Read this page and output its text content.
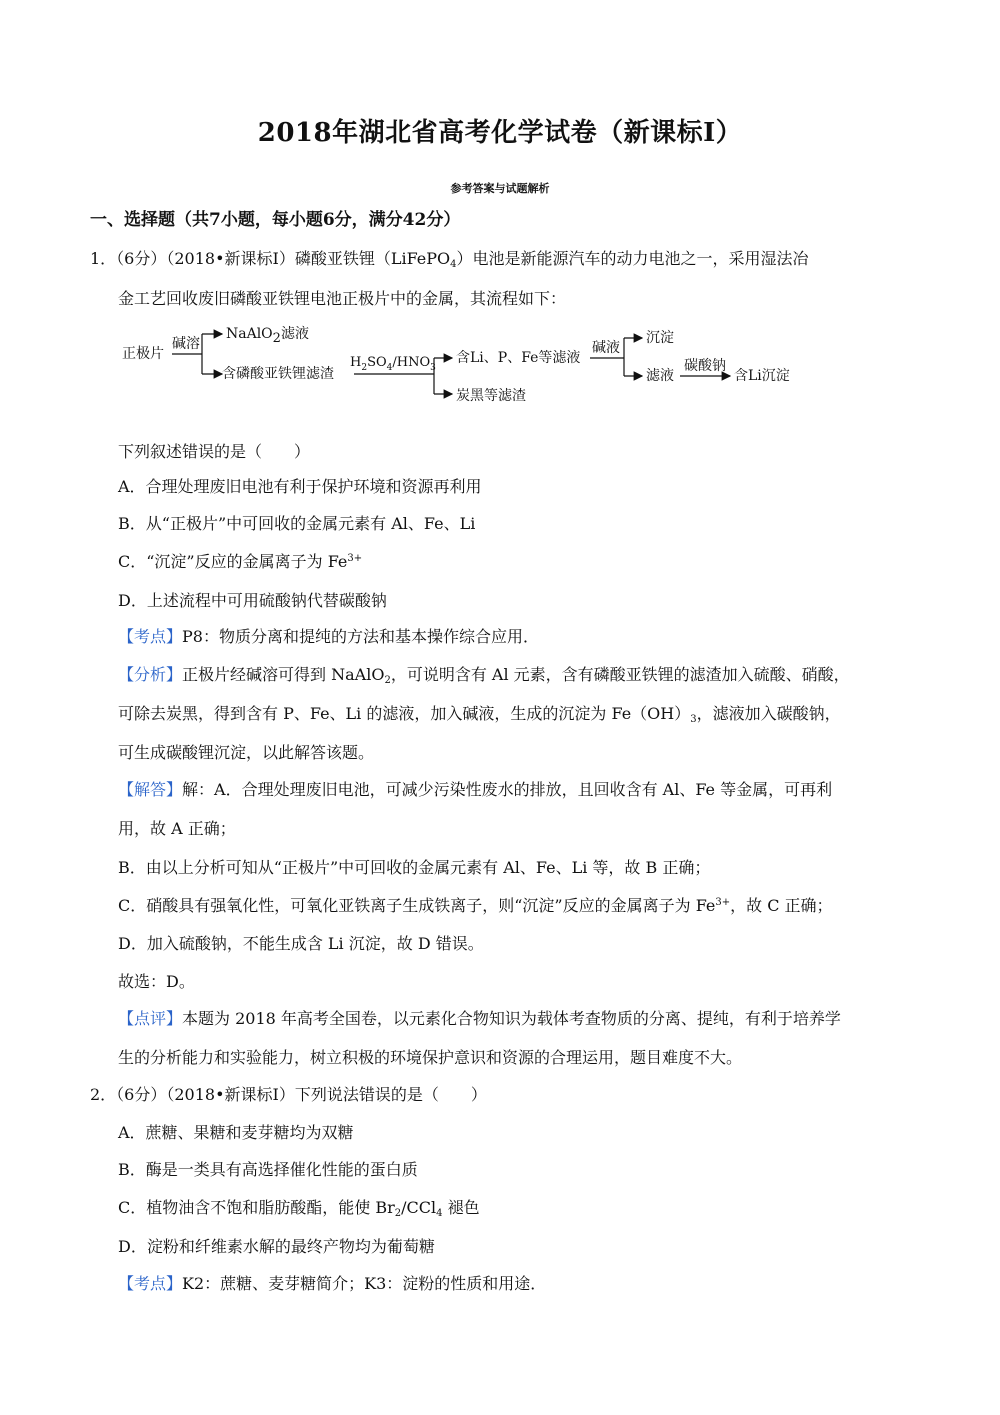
2018年湖北省高考化学试卷（新课标Ⅰ）
参考答案与试题解析
一、选择题（共7小题，每小题6分，满分42分）
1．（6分）（2018•新课标Ⅰ）磷酸亚铁锂（LiFePO$_4$）电池是新能源汽车的动力电池之一，采用湿法冶
金工艺回收废旧磷酸亚铁锂电池正极片中的金属，其流程如下：
正极片
碱溶
NaAlO2滤液
含磷酸亚铁锂滤渣
$H_2SO_4/HNO_3$
含Li、P、Fe等滤液
炭黑等滤渣
碱液
沉淀
滤液
碳酸钠
含Li沉淀
下列叙述错误的是（　　）
A．合理处理废旧电池有利于保护环境和资源再利用
B．从“正极片”中可回收的金属元素有 Al、Fe、Li
C．“沉淀”反应的金属离子为 $Fe^{3+}$
D．上述流程中可用硫酸钠代替碳酸钠
【考点】P8：物质分离和提纯的方法和基本操作综合应用．
【分析】正极片经碱溶可得到 NaAlO$_2$，可说明含有 Al 元素，含有磷酸亚铁锂的滤渣加入硫酸、硝酸，
可除去炭黑，得到含有 P、Fe、Li 的滤液，加入碱液，生成的沉淀为 $Fe(OH)_3$，滤液加入碳酸钠，
可生成碳酸锂沉淀，以此解答该题。
【解答】解：A．合理处理废旧电池，可减少污染性废水的排放，且回收含有 Al、Fe 等金属，可再利
用，故 A 正确；
B．由以上分析可知从“正极片”中可回收的金属元素有 Al、Fe、Li 等，故 B 正确；
C．硝酸具有强氧化性，可氧化亚铁离子生成铁离子，则“沉淀”反应的金属离子为 $Fe^{3+}$，故 C 正确；
D．加入硫酸钠，不能生成含 Li 沉淀，故 D 错误。
故选：D。
【点评】本题为 2018 年高考全国卷，以元素化合物知识为载体考查物质的分离、提纯，有利于培养学
生的分析能力和实验能力，树立积极的环境保护意识和资源的合理运用，题目难度不大。
2．（6分）（2018•新课标Ⅰ）下列说法错误的是（　　）
A．蔗糖、果糖和麦芽糖均为双糖
B．酶是一类具有高选择催化性能的蛋白质
C．植物油含不饱和脂肪酸酯，能使 $Br_2/CCl_4$ 褪色
D．淀粉和纤维素水解的最终产物均为葡萄糖
【考点】K2：蔗糖、麦芽糖简介；K3：淀粉的性质和用途．
